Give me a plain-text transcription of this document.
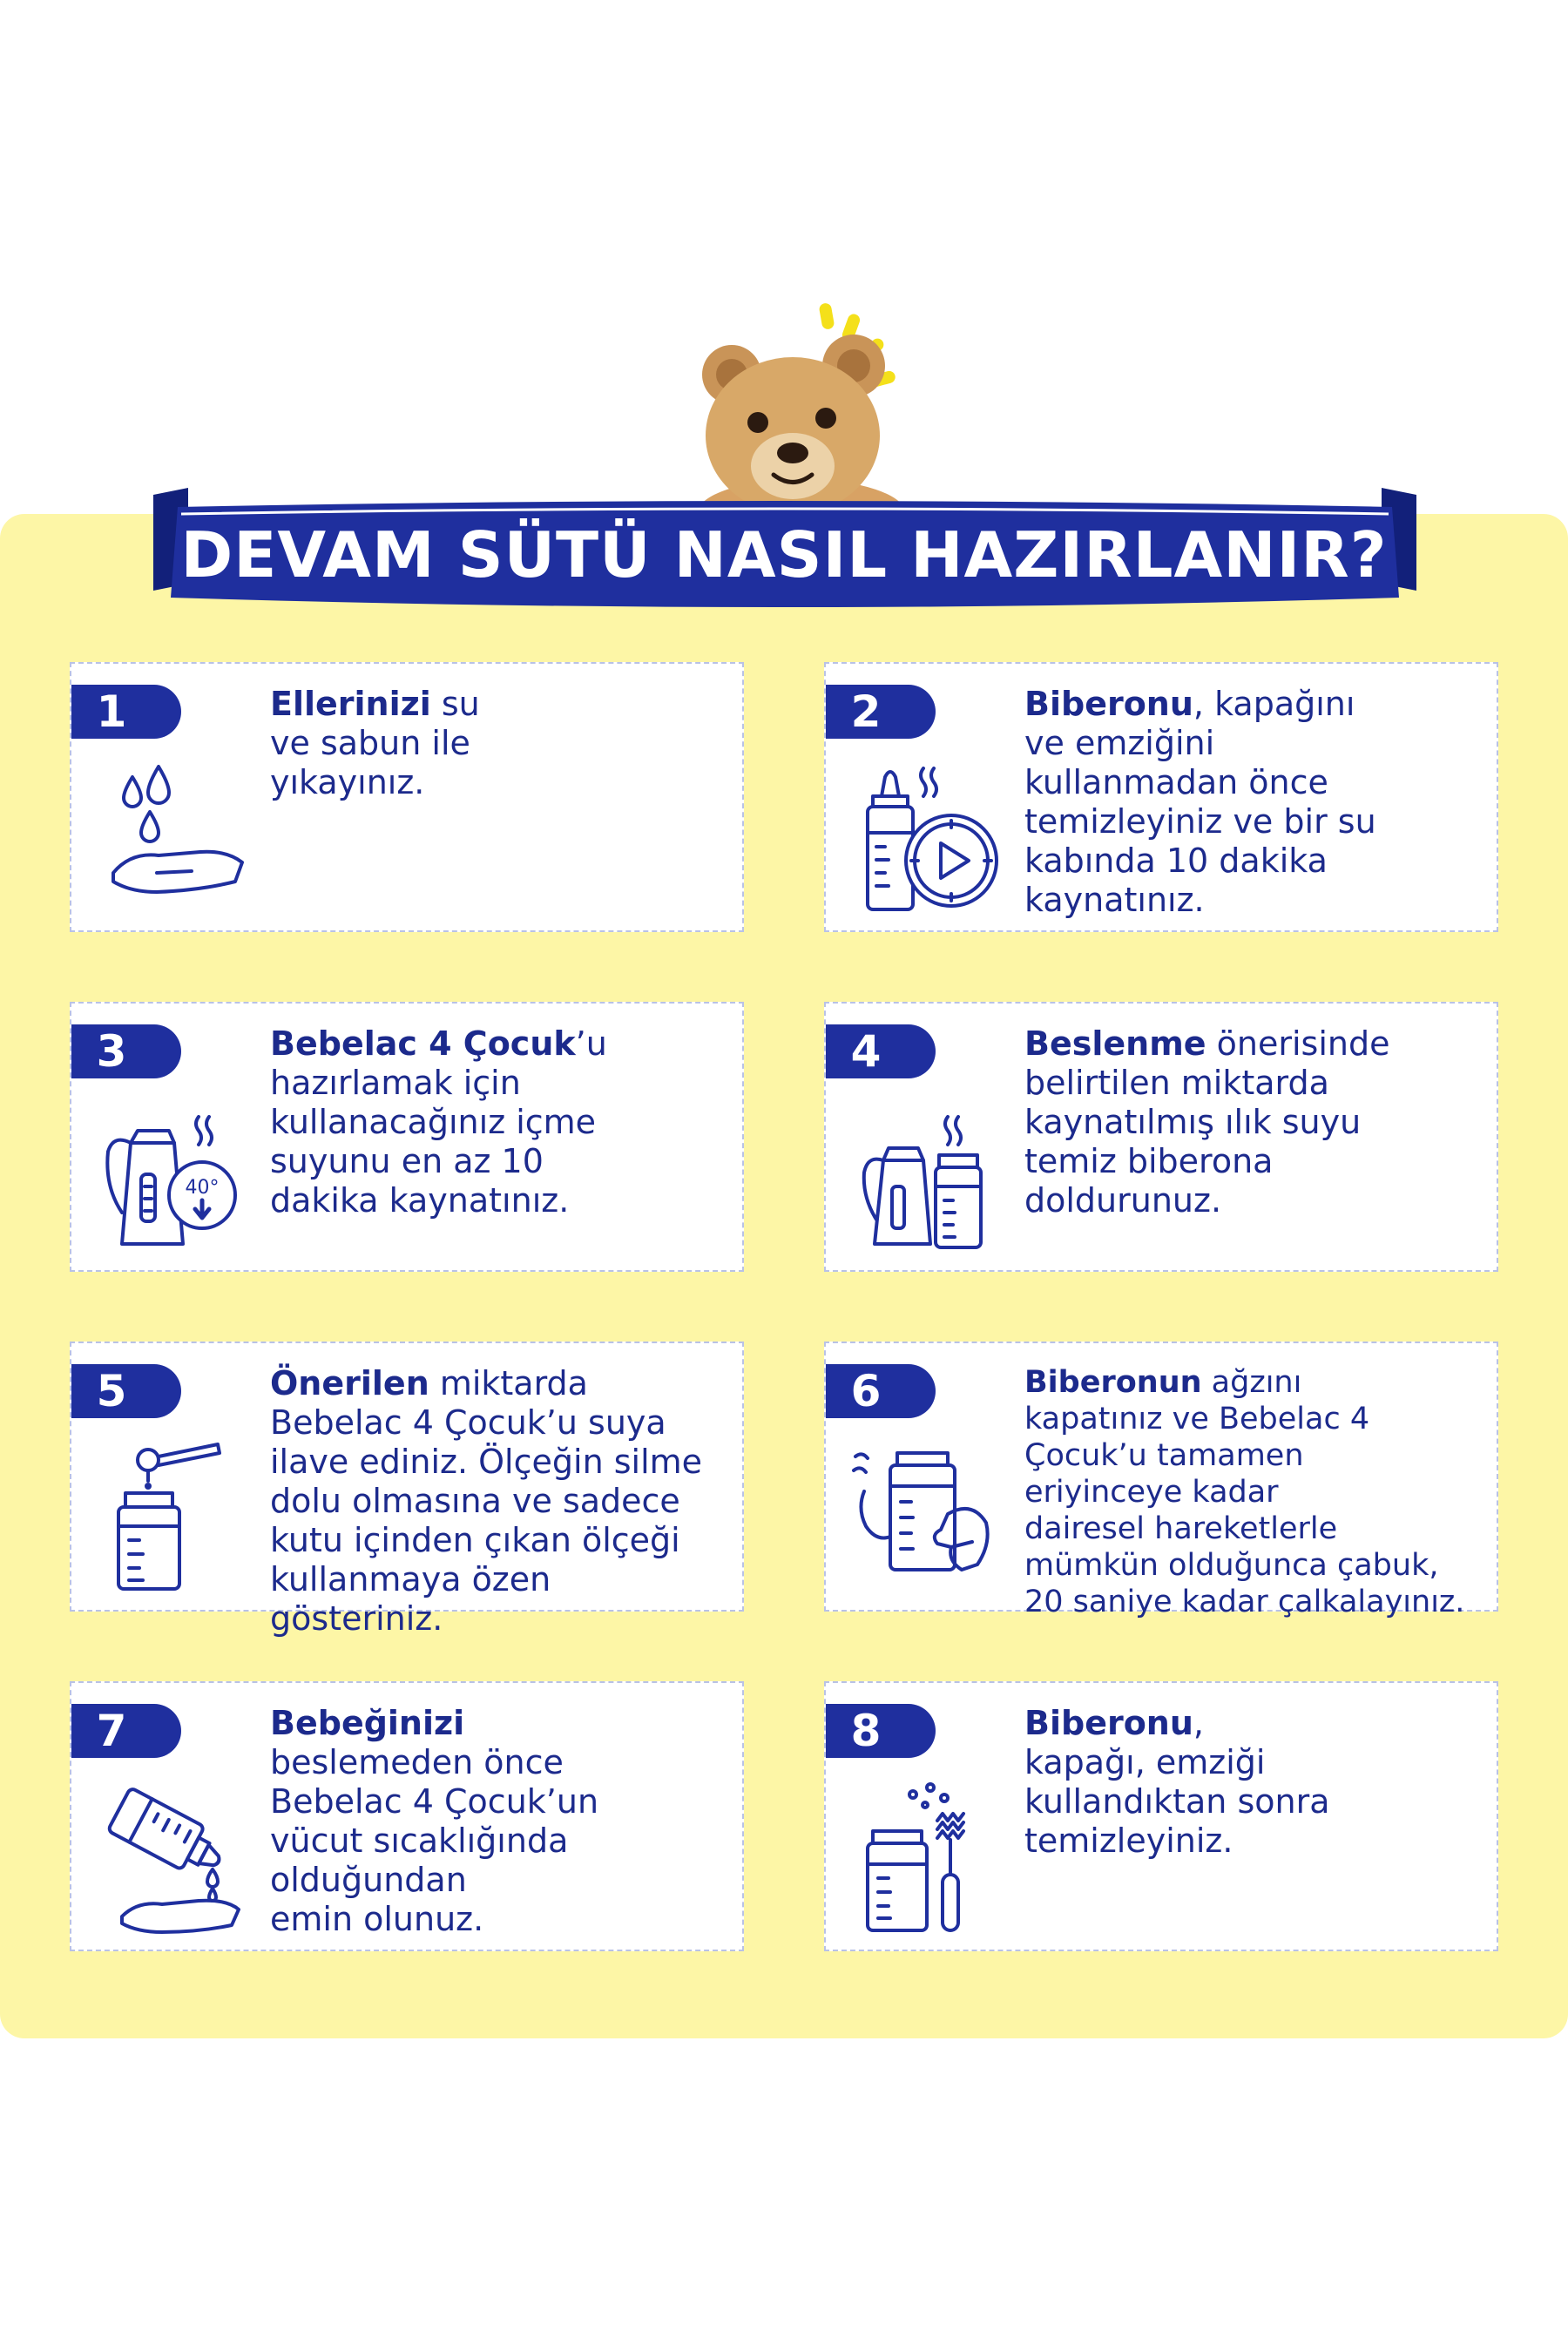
DEVAM SÜTÜ NASIL HAZIRLANIR?
1	Ellerinizi su
ve sabun ile
yıkayınız.
2	Biberonu, kapağını
ve emziğini
kullanmadan önce
temizleyiniz ve bir su
kabında 10 dakika
kaynatınız.
3
40°
Bebelac 4 Çocuk’u
hazırlamak için
kullanacağınız içme
suyunu en az 10
dakika kaynatınız.
4	Beslenme önerisinde
belirtilen miktarda
kaynatılmış ılık suyu
temiz biberona
doldurunuz.
5	Önerilen miktarda
Bebelac 4 Çocuk’u suya
ilave ediniz. Ölçeğin silme
dolu olmasına ve sadece
kutu içinden çıkan ölçeği
kullanmaya özen gösteriniz.
6	Biberonun ağzını
kapatınız ve Bebelac 4
Çocuk’u tamamen
eriyinceye kadar
dairesel hareketlerle
mümkün olduğunca çabuk,
20 saniye kadar çalkalayınız.
7	Bebeğinizi
beslemeden önce
Bebelac 4 Çocuk’un
vücut sıcaklığında
olduğundan
emin olunuz.
8	Biberonu,
kapağı, emziği
kullandıktan sonra
temizleyiniz.
